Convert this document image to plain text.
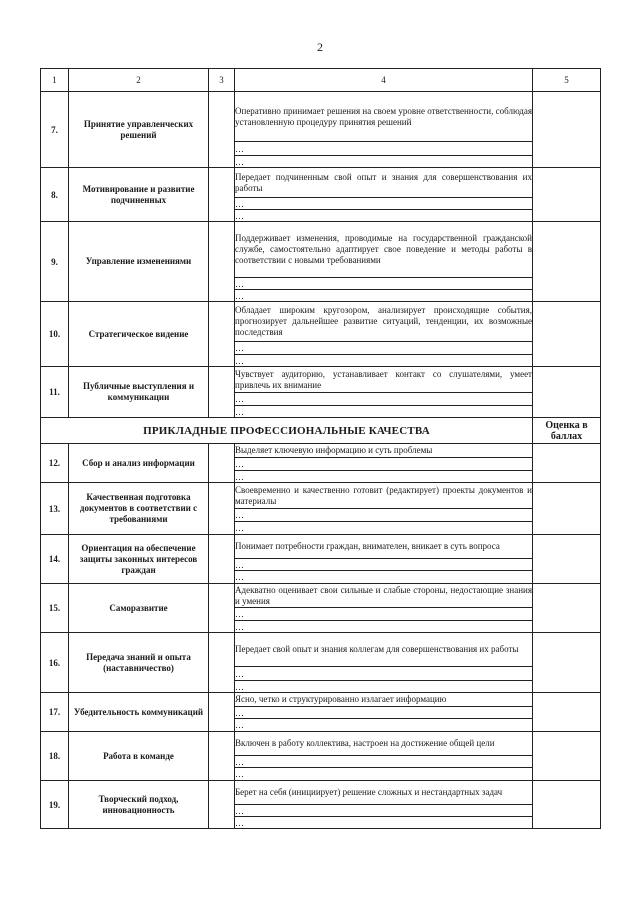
2
1	2	3	4	5
7.	Принятие управленческих решений		Оперативно принимает решения на своем уровне ответственности, соблюдая установленную процедуру принятия решений	
			…	
			…	
8.	Мотивирование и развитие подчиненных		Передает подчиненным свой опыт и знания для совершенствования их работы	
			…	
			…	
9.	Управление изменениями		Поддерживает изменения, проводимые на государственной гражданской службе, самостоятельно адаптирует свое поведение и методы работы в соответствии с новыми требованиями	
			…	
			…	
10.	Стратегическое видение		Обладает широким кругозором, анализирует происходящие события, прогнозирует дальнейшее развитие ситуаций, тенденции, их возможные последствия	
			…	
			…	
11.	Публичные выступления и коммуникации		Чувствует аудиторию, устанавливает контакт со слушателями, умеет привлечь их внимание	
			…	
			…	
ПРИКЛАДНЫЕ ПРОФЕССИОНАЛЬНЫЕ КАЧЕСТВА				Оценка в баллах
12.	Сбор и анализ информации		Выделяет ключевую информацию и суть проблемы	
			…	
			…	
13.	Качественная подготовка документов в соответствии с требованиями		Своевременно и качественно готовит (редактирует) проекты документов и материалы	
			…	
			…	
14.	Ориентация на обеспечение защиты законных интересов граждан		Понимает потребности граждан, внимателен, вникает в суть вопроса	
			…	
			…	
15.	Саморазвитие		Адекватно оценивает свои сильные и слабые стороны, недостающие знания и умения	
			…	
			…	
16.	Передача знаний и опыта (наставничество)		Передает свой опыт и знания коллегам для совершенствования их работы	
			…	
			…	
17.	Убедительность коммуникаций		Ясно, четко и структурированно излагает информацию	
			…	
			…	
18.	Работа в команде		Включен в работу коллектива, настроен на достижение общей цели	
			…	
			…	
19.	Творческий подход, инновационность		Берет на себя (инициирует) решение сложных и нестандартных задач	
			…	
			…	
